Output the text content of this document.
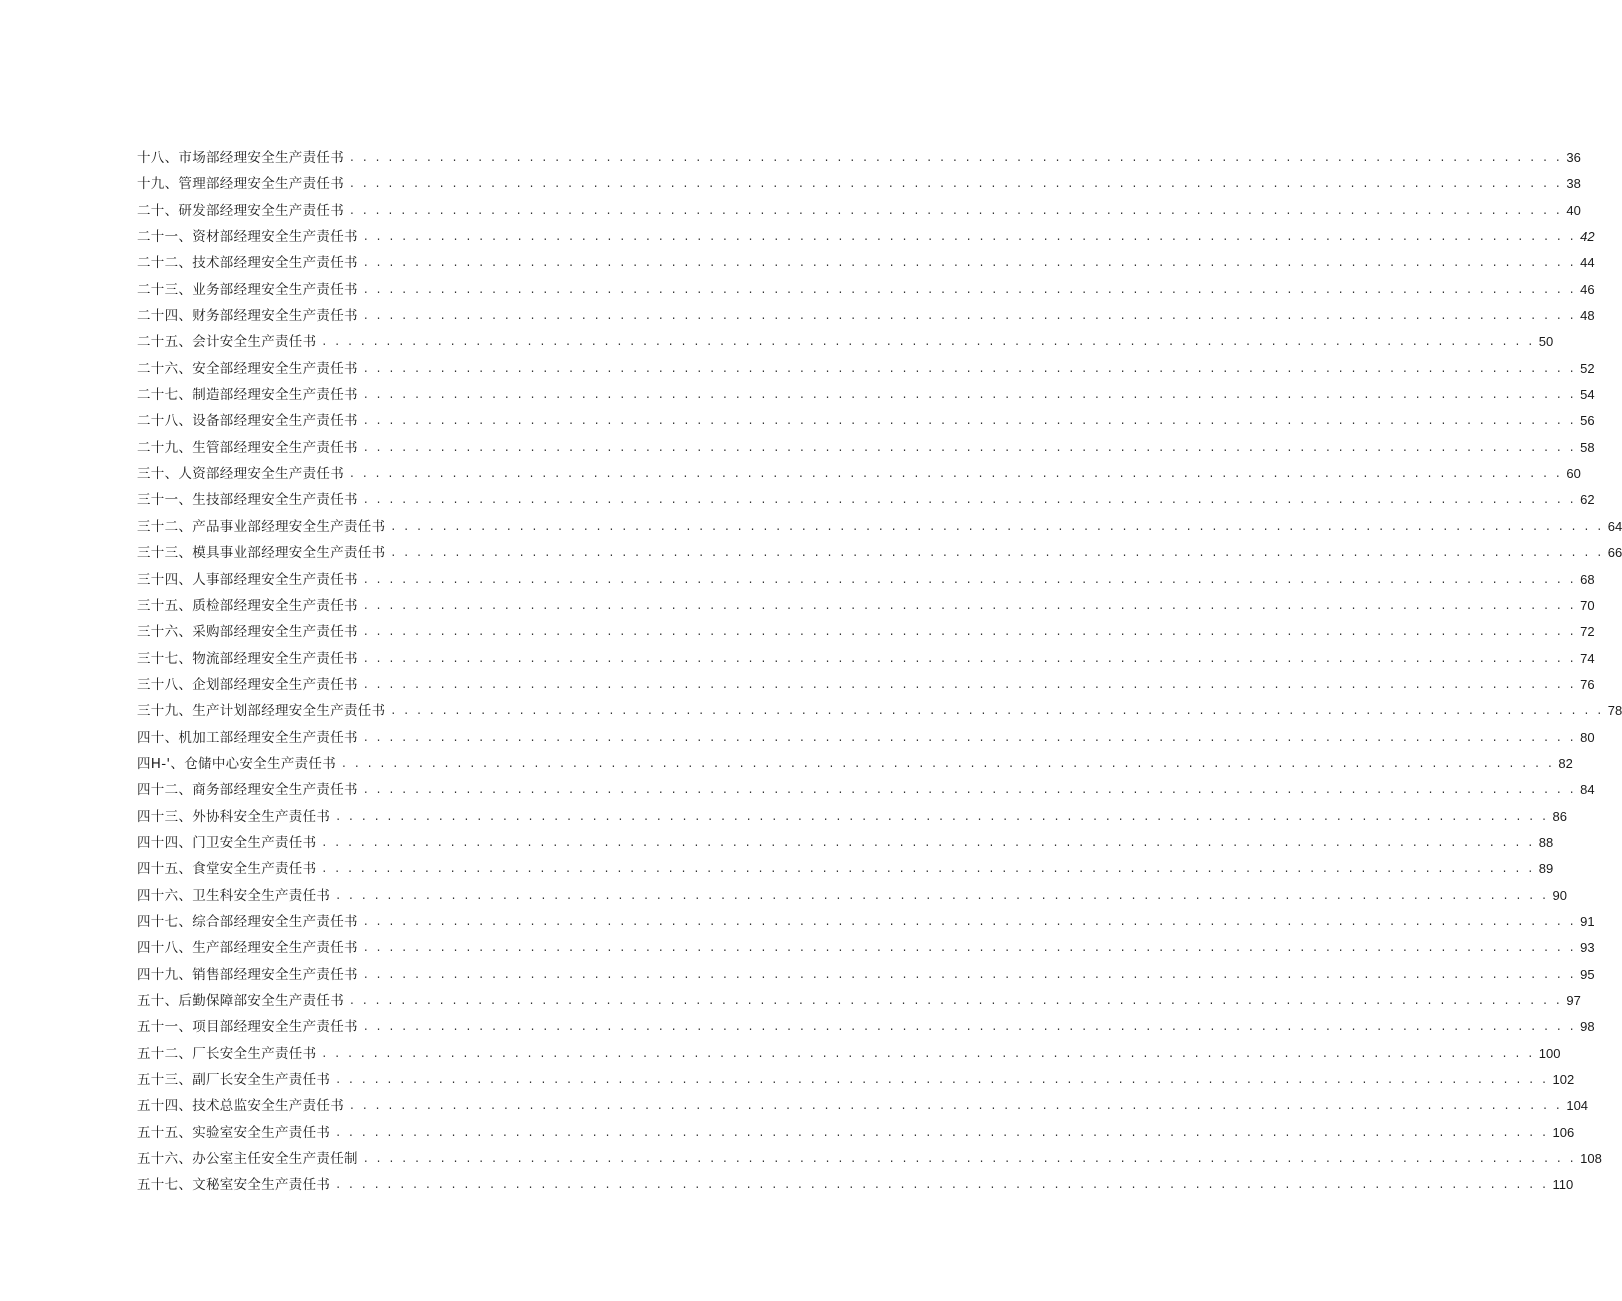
十八、市场部经理安全生产责任书 . . . . . . . . . . . . . . . . . . . . . . . . . . . . . . . . . . . . . . . . . . . . . . . . . . . . . . . . . . . . . . . . . . . . . . . . . . . . . . . . . . . . . . . . . . . . . . . 36
十九、管理部经理安全生产责任书 . . . . . . . . . . . . . . . . . . . . . . . . . . . . . . . . . . . . . . . . . . . . . . . . . . . . . . . . . . . . . . . . . . . . . . . . . . . . . . . . . . . . . . . . . . . . . . . 38
二十、研发部经理安全生产责任书 . . . . . . . . . . . . . . . . . . . . . . . . . . . . . . . . . . . . . . . . . . . . . . . . . . . . . . . . . . . . . . . . . . . . . . . . . . . . . . . . . . . . . . . . . . . . . . . 40
二十一、资材部经理安全生产责任书 . . . . . . . . . . . . . . . . . . . . . . . . . . . . . . . . . . . . . . . . . . . . . . . . . . . . . . . . . . . . . . . . . . . . . . . . . . . . . . . . . . . . . . . . . . . . . . . 42
二十二、技术部经理安全生产责任书 . . . . . . . . . . . . . . . . . . . . . . . . . . . . . . . . . . . . . . . . . . . . . . . . . . . . . . . . . . . . . . . . . . . . . . . . . . . . . . . . . . . . . . . . . . . . . . . 44
二十三、业务部经理安全生产责任书 . . . . . . . . . . . . . . . . . . . . . . . . . . . . . . . . . . . . . . . . . . . . . . . . . . . . . . . . . . . . . . . . . . . . . . . . . . . . . . . . . . . . . . . . . . . . . . . 46
二十四、财务部经理安全生产责任书 . . . . . . . . . . . . . . . . . . . . . . . . . . . . . . . . . . . . . . . . . . . . . . . . . . . . . . . . . . . . . . . . . . . . . . . . . . . . . . . . . . . . . . . . . . . . . . . 48
二十五、会计安全生产责任书 . . . . . . . . . . . . . . . . . . . . . . . . . . . . . . . . . . . . . . . . . . . . . . . . . . . . . . . . . . . . . . . . . . . . . . . . . . . . . . . . . . . . . . . . . . . . . . . 50
二十六、安全部经理安全生产责任书 . . . . . . . . . . . . . . . . . . . . . . . . . . . . . . . . . . . . . . . . . . . . . . . . . . . . . . . . . . . . . . . . . . . . . . . . . . . . . . . . . . . . . . . . . . . . . . . 52
二十七、制造部经理安全生产责任书 . . . . . . . . . . . . . . . . . . . . . . . . . . . . . . . . . . . . . . . . . . . . . . . . . . . . . . . . . . . . . . . . . . . . . . . . . . . . . . . . . . . . . . . . . . . . . . . 54
二十八、设备部经理安全生产责任书 . . . . . . . . . . . . . . . . . . . . . . . . . . . . . . . . . . . . . . . . . . . . . . . . . . . . . . . . . . . . . . . . . . . . . . . . . . . . . . . . . . . . . . . . . . . . . . . 56
二十九、生管部经理安全生产责任书 . . . . . . . . . . . . . . . . . . . . . . . . . . . . . . . . . . . . . . . . . . . . . . . . . . . . . . . . . . . . . . . . . . . . . . . . . . . . . . . . . . . . . . . . . . . . . . . 58
三十、人资部经理安全生产责任书 . . . . . . . . . . . . . . . . . . . . . . . . . . . . . . . . . . . . . . . . . . . . . . . . . . . . . . . . . . . . . . . . . . . . . . . . . . . . . . . . . . . . . . . . . . . . . . . 60
三十一、生技部经理安全生产责任书 . . . . . . . . . . . . . . . . . . . . . . . . . . . . . . . . . . . . . . . . . . . . . . . . . . . . . . . . . . . . . . . . . . . . . . . . . . . . . . . . . . . . . . . . . . . . . . . 62
三十二、产品事业部经理安全生产责任书 . . . . . . . . . . . . . . . . . . . . . . . . . . . . . . . . . . . . . . . . . . . . . . . . . . . . . . . . . . . . . . . . . . . . . . . . . . . . . . . . . . . . . . . . . . . . . . . 64
三十三、模具事业部经理安全生产责任书 . . . . . . . . . . . . . . . . . . . . . . . . . . . . . . . . . . . . . . . . . . . . . . . . . . . . . . . . . . . . . . . . . . . . . . . . . . . . . . . . . . . . . . . . . . . . . . . 66
三十四、人事部经理安全生产责任书 . . . . . . . . . . . . . . . . . . . . . . . . . . . . . . . . . . . . . . . . . . . . . . . . . . . . . . . . . . . . . . . . . . . . . . . . . . . . . . . . . . . . . . . . . . . . . . . 68
三十五、质检部经理安全生产责任书 . . . . . . . . . . . . . . . . . . . . . . . . . . . . . . . . . . . . . . . . . . . . . . . . . . . . . . . . . . . . . . . . . . . . . . . . . . . . . . . . . . . . . . . . . . . . . . . 70
三十六、采购部经理安全生产责任书 . . . . . . . . . . . . . . . . . . . . . . . . . . . . . . . . . . . . . . . . . . . . . . . . . . . . . . . . . . . . . . . . . . . . . . . . . . . . . . . . . . . . . . . . . . . . . . . 72
三十七、物流部经理安全生产责任书 . . . . . . . . . . . . . . . . . . . . . . . . . . . . . . . . . . . . . . . . . . . . . . . . . . . . . . . . . . . . . . . . . . . . . . . . . . . . . . . . . . . . . . . . . . . . . . . 74
三十八、企划部经理安全生产责任书 . . . . . . . . . . . . . . . . . . . . . . . . . . . . . . . . . . . . . . . . . . . . . . . . . . . . . . . . . . . . . . . . . . . . . . . . . . . . . . . . . . . . . . . . . . . . . . . 76
三十九、生产计划部经理安全生产责任书 . . . . . . . . . . . . . . . . . . . . . . . . . . . . . . . . . . . . . . . . . . . . . . . . . . . . . . . . . . . . . . . . . . . . . . . . . . . . . . . . . . . . . . . . . . . . . . . 78
四十、机加工部经理安全生产责任书 . . . . . . . . . . . . . . . . . . . . . . . . . . . . . . . . . . . . . . . . . . . . . . . . . . . . . . . . . . . . . . . . . . . . . . . . . . . . . . . . . . . . . . . . . . . . . . . 80
四H-'、仓储中心安全生产责任书 . . . . . . . . . . . . . . . . . . . . . . . . . . . . . . . . . . . . . . . . . . . . . . . . . . . . . . . . . . . . . . . . . . . . . . . . . . . . . . . . . . . . . . . . . . . . . . . 82
四十二、商务部经理安全生产责任书 . . . . . . . . . . . . . . . . . . . . . . . . . . . . . . . . . . . . . . . . . . . . . . . . . . . . . . . . . . . . . . . . . . . . . . . . . . . . . . . . . . . . . . . . . . . . . . . 84
四十三、外协科安全生产责任书 . . . . . . . . . . . . . . . . . . . . . . . . . . . . . . . . . . . . . . . . . . . . . . . . . . . . . . . . . . . . . . . . . . . . . . . . . . . . . . . . . . . . . . . . . . . . . . . 86
四十四、门卫安全生产责任书 . . . . . . . . . . . . . . . . . . . . . . . . . . . . . . . . . . . . . . . . . . . . . . . . . . . . . . . . . . . . . . . . . . . . . . . . . . . . . . . . . . . . . . . . . . . . . . . 88
四十五、食堂安全生产责任书 . . . . . . . . . . . . . . . . . . . . . . . . . . . . . . . . . . . . . . . . . . . . . . . . . . . . . . . . . . . . . . . . . . . . . . . . . . . . . . . . . . . . . . . . . . . . . . . 89
四十六、卫生科安全生产责任书 . . . . . . . . . . . . . . . . . . . . . . . . . . . . . . . . . . . . . . . . . . . . . . . . . . . . . . . . . . . . . . . . . . . . . . . . . . . . . . . . . . . . . . . . . . . . . . . 90
四十七、综合部经理安全生产责任书 . . . . . . . . . . . . . . . . . . . . . . . . . . . . . . . . . . . . . . . . . . . . . . . . . . . . . . . . . . . . . . . . . . . . . . . . . . . . . . . . . . . . . . . . . . . . . . . 91
四十八、生产部经理安全生产责任书 . . . . . . . . . . . . . . . . . . . . . . . . . . . . . . . . . . . . . . . . . . . . . . . . . . . . . . . . . . . . . . . . . . . . . . . . . . . . . . . . . . . . . . . . . . . . . . . 93
四十九、销售部经理安全生产责任书 . . . . . . . . . . . . . . . . . . . . . . . . . . . . . . . . . . . . . . . . . . . . . . . . . . . . . . . . . . . . . . . . . . . . . . . . . . . . . . . . . . . . . . . . . . . . . . . 95
五十、后勤保障部安全生产责任书 . . . . . . . . . . . . . . . . . . . . . . . . . . . . . . . . . . . . . . . . . . . . . . . . . . . . . . . . . . . . . . . . . . . . . . . . . . . . . . . . . . . . . . . . . . . . . . . 97
五十一、项目部经理安全生产责任书 . . . . . . . . . . . . . . . . . . . . . . . . . . . . . . . . . . . . . . . . . . . . . . . . . . . . . . . . . . . . . . . . . . . . . . . . . . . . . . . . . . . . . . . . . . . . . . . 98
五十二、厂长安全生产责任书 . . . . . . . . . . . . . . . . . . . . . . . . . . . . . . . . . . . . . . . . . . . . . . . . . . . . . . . . . . . . . . . . . . . . . . . . . . . . . . . . . . . . . . . . . . . . . . . 100
五十三、副厂长安全生产责任书 . . . . . . . . . . . . . . . . . . . . . . . . . . . . . . . . . . . . . . . . . . . . . . . . . . . . . . . . . . . . . . . . . . . . . . . . . . . . . . . . . . . . . . . . . . . . . . . 102
五十四、技术总监安全生产责任书 . . . . . . . . . . . . . . . . . . . . . . . . . . . . . . . . . . . . . . . . . . . . . . . . . . . . . . . . . . . . . . . . . . . . . . . . . . . . . . . . . . . . . . . . . . . . . . . 104
五十五、实验室安全生产责任书 . . . . . . . . . . . . . . . . . . . . . . . . . . . . . . . . . . . . . . . . . . . . . . . . . . . . . . . . . . . . . . . . . . . . . . . . . . . . . . . . . . . . . . . . . . . . . . . 106
五十六、办公室主任安全生产责任制 . . . . . . . . . . . . . . . . . . . . . . . . . . . . . . . . . . . . . . . . . . . . . . . . . . . . . . . . . . . . . . . . . . . . . . . . . . . . . . . . . . . . . . . . . . . . . . . 108
五十七、文秘室安全生产责任书 . . . . . . . . . . . . . . . . . . . . . . . . . . . . . . . . . . . . . . . . . . . . . . . . . . . . . . . . . . . . . . . . . . . . . . . . . . . . . . . . . . . . . . . . . . . . . . . 110
